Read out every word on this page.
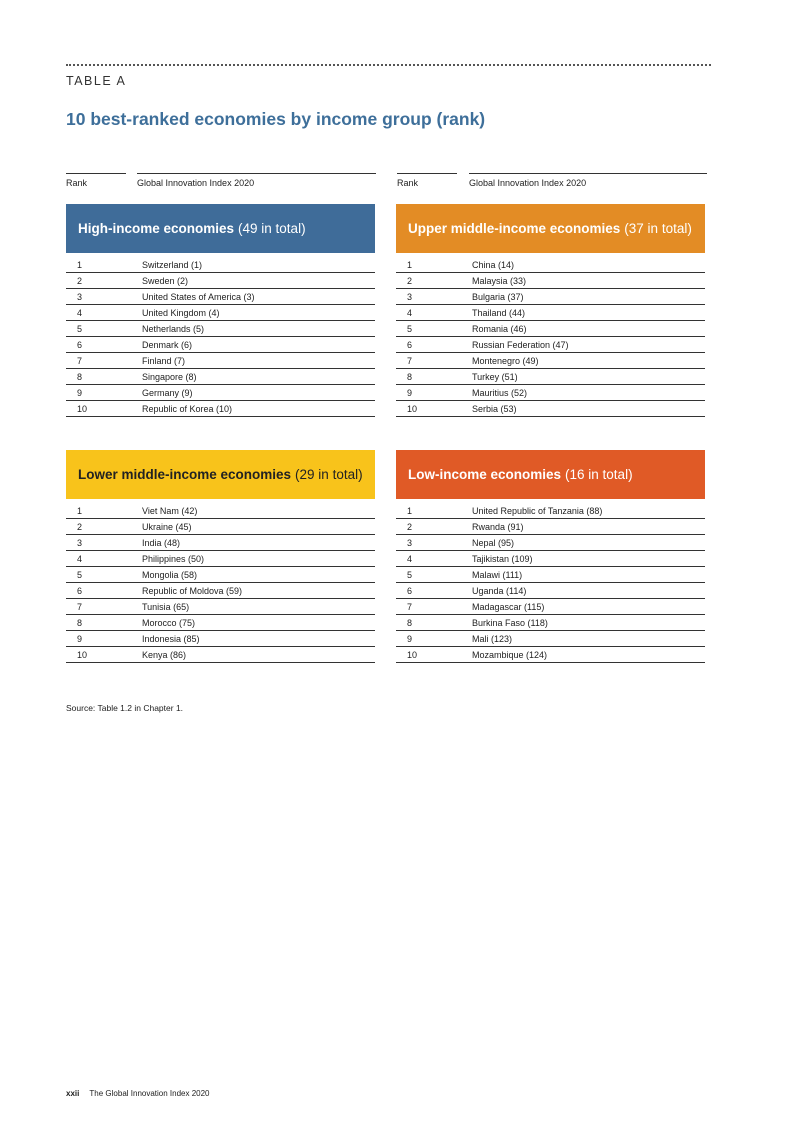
TABLE A
10 best-ranked economies by income group (rank)
Rank	Global Innovation Index 2020	Rank	Global Innovation Index 2020
High-income economies (49 in total)
1	Switzerland (1)
2	Sweden (2)
3	United States of America (3)
4	United Kingdom (4)
5	Netherlands (5)
6	Denmark (6)
7	Finland (7)
8	Singapore (8)
9	Germany (9)
10	Republic of Korea (10)
Upper middle-income economies (37 in total)
1	China (14)
2	Malaysia (33)
3	Bulgaria (37)
4	Thailand (44)
5	Romania (46)
6	Russian Federation (47)
7	Montenegro (49)
8	Turkey (51)
9	Mauritius (52)
10	Serbia (53)
Lower middle-income economies (29 in total)
1	Viet Nam (42)
2	Ukraine (45)
3	India (48)
4	Philippines (50)
5	Mongolia (58)
6	Republic of Moldova (59)
7	Tunisia (65)
8	Morocco (75)
9	Indonesia (85)
10	Kenya (86)
Low-income economies (16 in total)
1	United Republic of Tanzania (88)
2	Rwanda (91)
3	Nepal (95)
4	Tajikistan (109)
5	Malawi (111)
6	Uganda (114)
7	Madagascar (115)
8	Burkina Faso (118)
9	Mali (123)
10	Mozambique (124)
Source: Table 1.2 in Chapter 1.
xxii The Global Innovation Index 2020
